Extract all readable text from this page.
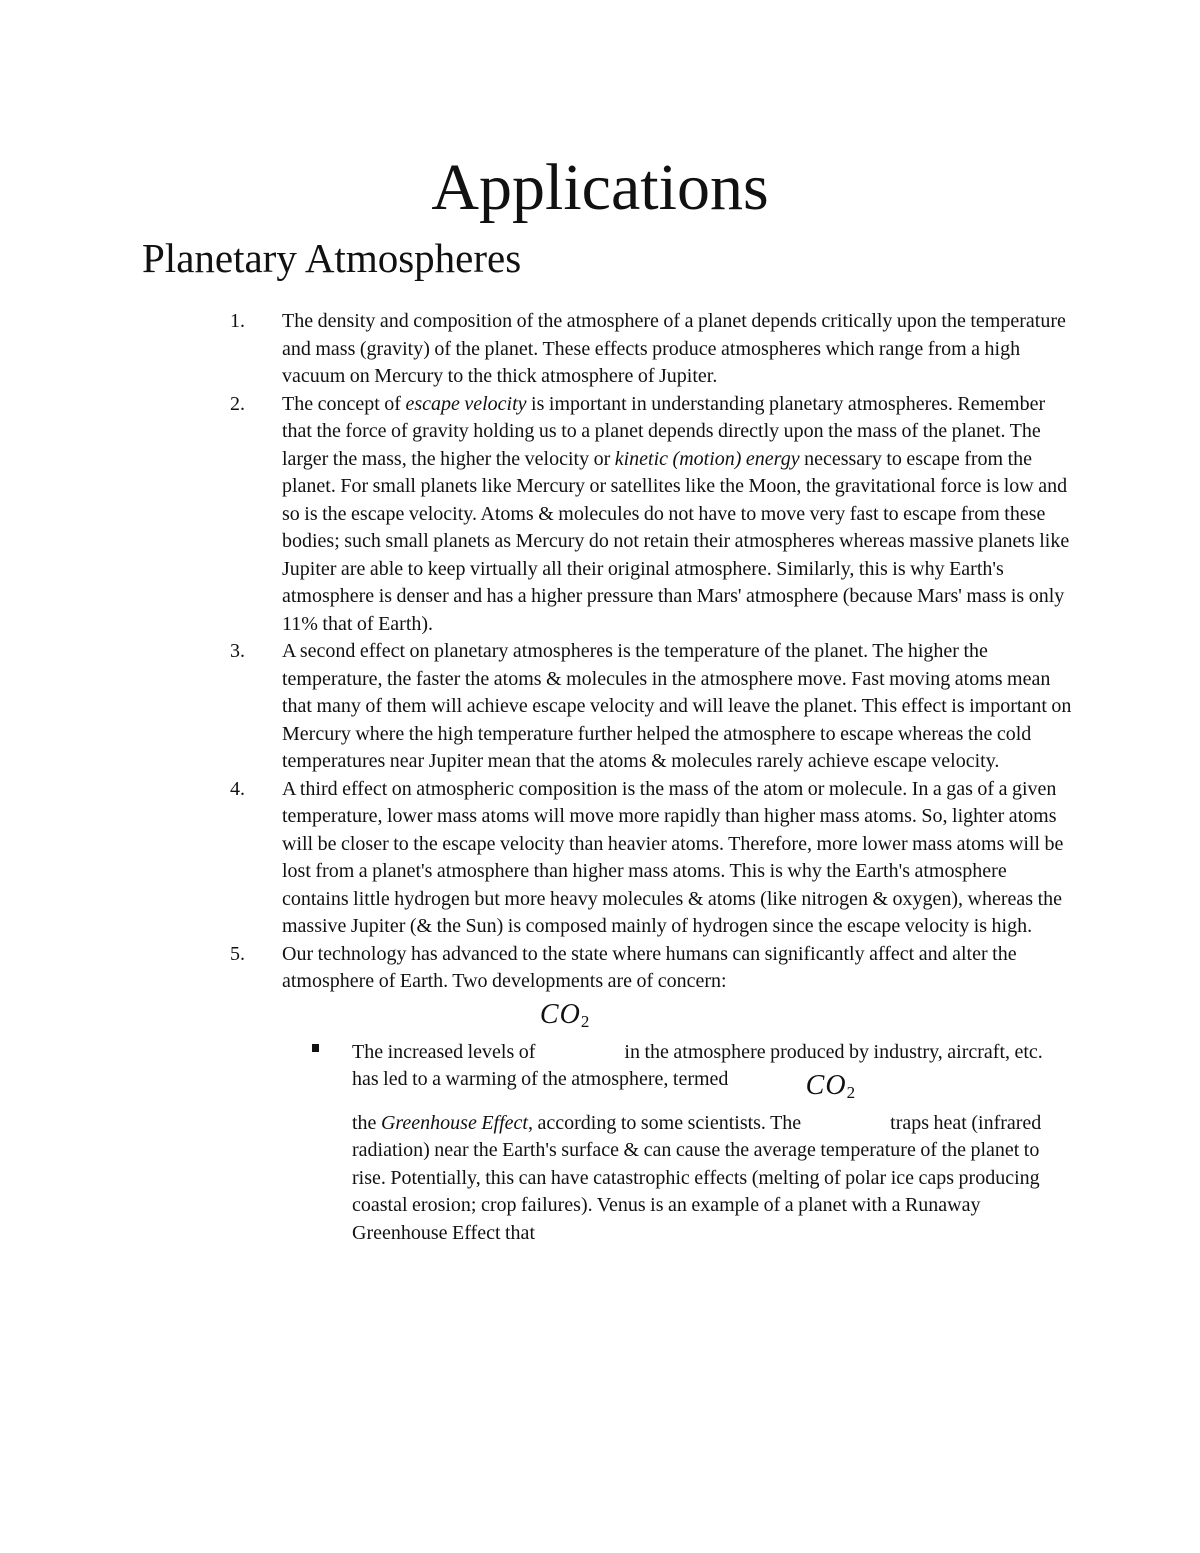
Applications
Planetary Atmospheres
1. The density and composition of the atmosphere of a planet depends critically upon the temperature and mass (gravity) of the planet. These effects produce atmospheres which range from a high vacuum on Mercury to the thick atmosphere of Jupiter.
2. The concept of escape velocity is important in understanding planetary atmospheres. Remember that the force of gravity holding us to a planet depends directly upon the mass of the planet. The larger the mass, the higher the velocity or kinetic (motion) energy necessary to escape from the planet. For small planets like Mercury or satellites like the Moon, the gravitational force is low and so is the escape velocity. Atoms & molecules do not have to move very fast to escape from these bodies; such small planets as Mercury do not retain their atmospheres whereas massive planets like Jupiter are able to keep virtually all their original atmosphere. Similarly, this is why Earth's atmosphere is denser and has a higher pressure than Mars' atmosphere (because Mars' mass is only 11% that of Earth).
3. A second effect on planetary atmospheres is the temperature of the planet. The higher the temperature, the faster the atoms & molecules in the atmosphere move. Fast moving atoms mean that many of them will achieve escape velocity and will leave the planet. This effect is important on Mercury where the high temperature further helped the atmosphere to escape whereas the cold temperatures near Jupiter mean that the atoms & molecules rarely achieve escape velocity.
4. A third effect on atmospheric composition is the mass of the atom or molecule. In a gas of a given temperature, lower mass atoms will move more rapidly than higher mass atoms. So, lighter atoms will be closer to the escape velocity than heavier atoms. Therefore, more lower mass atoms will be lost from a planet's atmosphere than higher mass atoms. This is why the Earth's atmosphere contains little hydrogen but more heavy molecules & atoms (like nitrogen & oxygen), whereas the massive Jupiter (& the Sun) is composed mainly of hydrogen since the escape velocity is high.
5. Our technology has advanced to the state where humans can significantly affect and alter the atmosphere of Earth. Two developments are of concern:
The increased levels of
$CO_2$
in the atmosphere produced by industry, aircraft, etc. has led to a warming of the atmosphere, termed
the Greenhouse Effect, according to some scientists. The
$CO_2$
traps heat (infrared radiation) near the Earth's surface & can cause the average temperature of the planet to rise. Potentially, this can have catastrophic effects (melting of polar ice caps producing coastal erosion; crop failures). Venus is an example of a planet with a Runaway Greenhouse Effect that
